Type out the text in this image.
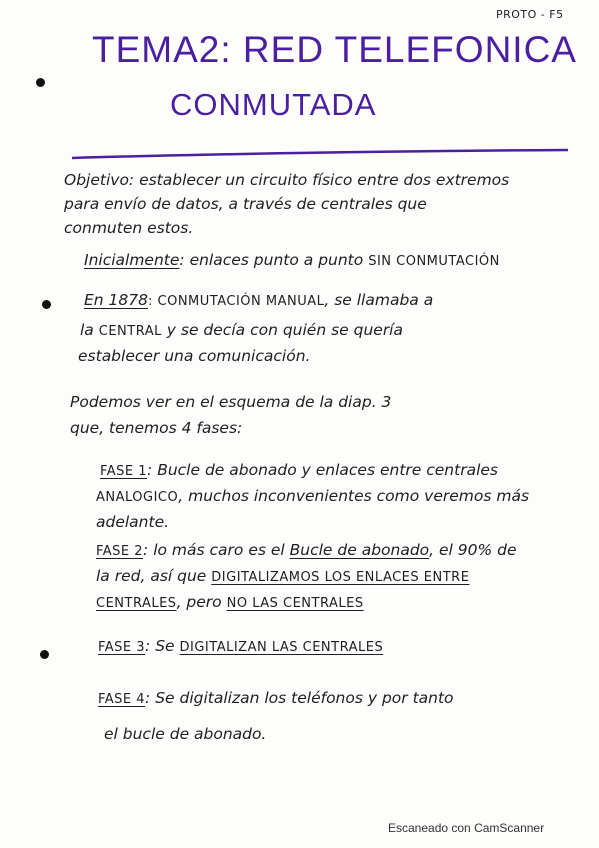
PROTO - F5
TEMA2: RED TELEFONICA
CONMUTADA
Objetivo: establecer un circuito físico entre dos extremos
para envío de datos, a través de centrales que
conmuten estos.
Inicialmente: enlaces punto a punto SIN CONMUTACIÓN
En 1878: CONMUTACIÓN MANUAL, se llamaba a
la CENTRAL y se decía con quién se quería
establecer una comunicación.
Podemos ver en el esquema de la diap. 3
que, tenemos 4 fases:
FASE 1: Bucle de abonado y enlaces entre centrales
ANALOGICO, muchos inconvenientes como veremos más
adelante.
FASE 2: lo más caro es el Bucle de abonado, el 90% de
la red, así que DIGITALIZAMOS LOS ENLACES ENTRE
CENTRALES, pero NO LAS CENTRALES
FASE 3: Se DIGITALIZAN LAS CENTRALES
FASE 4: Se digitalizan los teléfonos y por tanto
el bucle de abonado.
Escaneado con CamScanner
